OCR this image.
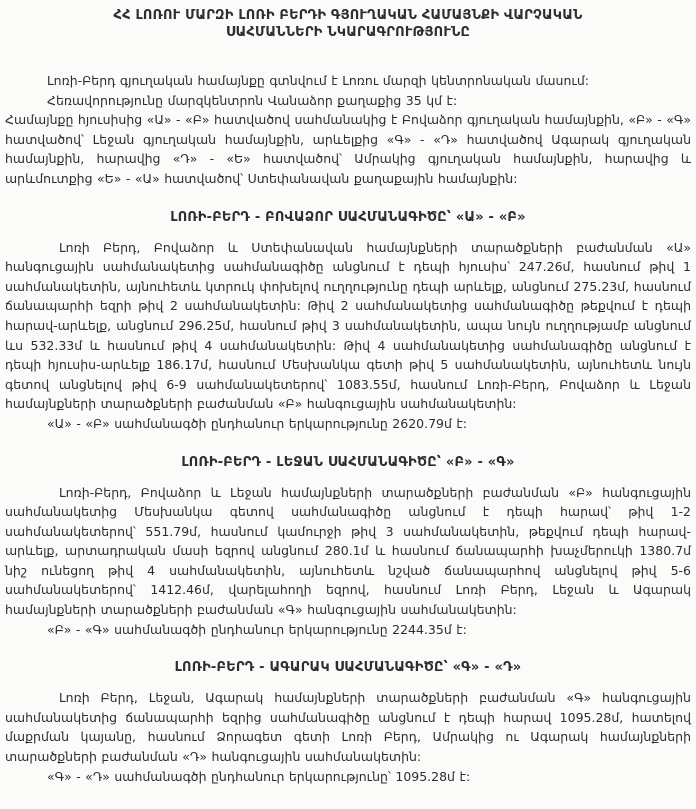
ՀՀ ԼՈՌՈՒ ՄԱՐԶԻ ԼՈՌԻ ԲԵՐԴԻ ԳՅՈՒՂԱԿԱՆ ՀԱՄԱՅՆՔԻ ՎԱՐՉԱԿԱՆ
ՍԱՀՄԱՆՆԵՐԻ ՆԿԱՐԱԳՐՈՒԹՅՈՒՆԸ

Լոռի-Բերդ գյուղական համայնքը գտնվում է Լոռու մարզի կենտրոնական մասում:

Հեռավորությունը մարզկենտրոն Վանաձոր քաղաքից 35 կմ է:

Համայնքը հյուսիսից «Ա» - «Բ» հատվածով սահմանակից է Բովաձոր գյուղական համայնքին, «Բ» - «Գ» հատվածով՝ Լեջան գյուղական համայնքին, արևելքից «Գ» - «Դ» հատվածով Ագարակ գյուղական համայնքին, հարավից «Դ» - «Ե» հատվածով՝ Ամրակից գյուղական համայնքին, հարավից և արևմուտքից «Ե» - «Ա» հատվածով՝ Ստեփանավան քաղաքային համայնքին:

ԼՈՌԻ-ԲԵՐԴ - ԲՈՎԱՁՈՐ ՍԱՀՄԱՆԱԳԻԾԸ՝ «Ա» - «Բ»

Լոռի Բերդ, Բովաձոր և Ստեփանավան համայնքների տարածքների բաժանման «Ա» հանգուցային սահմանակետից սահմանագիծը անցնում է դեպի հյուսիս՝ 247.26մ, հասնում թիվ 1 սահմանակետին, այնուհետև կտրուկ փոխելով ուղղությունը դեպի արևելք, անցնում 275.23մ, հասնում ճանապարհի եզրի թիվ 2 սահմանակետին: Թիվ 2 սահմանակետից սահմանագիծը թեքվում է դեպի հարավ-արևելք, անցնում 296.25մ, հասնում թիվ 3 սահմանակետին, ապա նույն ուղղությամբ անցնում ևս 532.33մ և հասնում թիվ 4 սահմանակետին: Թիվ 4 սահմանակետից սահմանագիծը անցնում է դեպի հյուսիս-արևելք 186.17մ, հասնում Մեսխանկա գետի թիվ 5 սահմանակետին, այնուհետև նույն գետով անցնելով թիվ 6-9 սահմանակետերով՝ 1083.55մ, հասնում Լոռի-Բերդ, Բովաձոր և Լեջան համայնքների տարածքների բաժանման «Բ» հանգուցային սահմանակետին:

«Ա» - «Բ» սահմանագծի ընդհանուր երկարությունը 2620.79մ է:

ԼՈՌԻ-ԲԵՐԴ - ԼԵՋԱՆ ՍԱՀՄԱՆԱԳԻԾԸ՝ «Բ» - «Գ»

Լոռի-Բերդ, Բովաձոր և Լեջան համայնքների տարածքների բաժանման «Բ» հանգուցային սահմանակետից Մեսխանկա գետով սահմանագիծը անցնում է դեպի հարավ՝ թիվ 1-2 սահմանակետերով՝ 551.79մ, հասնում կամուրջի թիվ 3 սահմանակետին, թեքվում դեպի հարավ-արևելք, արտադրական մասի եզրով անցնում 280.1մ և հասնում ճանապարհի խաչմերուկի 1380.7մ նիշ ունեցող թիվ 4 սահմանակետին, այնուհետև նշված ճանապարհով անցնելով թիվ 5-6 սահմանակետերով՝ 1412.46մ, վարելահողի եզրով, հասնում Լոռի Բերդ, Լեջան և Ագարակ համայնքների տարածքների բաժանման «Գ» հանգուցային սահմանակետին:

«Բ» - «Գ» սահմանագծի ընդհանուր երկարությունը 2244.35մ է:

ԼՈՌԻ-ԲԵՐԴ - ԱԳԱՐԱԿ ՍԱՀՄԱՆԱԳԻԾԸ՝ «Գ» - «Դ»

Լոռի Բերդ, Լեջան, Ագարակ համայնքների տարածքների բաժանման «Գ» հանգուցային սահմանակետից ճանապարհի եզրից սահմանագիծը անցնում է դեպի հարավ 1095.28մ, հատելով մաքրման կայանը, հասնում Ձորագետ գետի Լոռի Բերդ, Ամրակից ու Ագարակ համայնքների տարածքների բաժանման «Դ» հանգուցային սահմանակետին:

«Գ» - «Դ» սահմանագծի ընդհանուր երկարությունը՝ 1095.28մ է:
